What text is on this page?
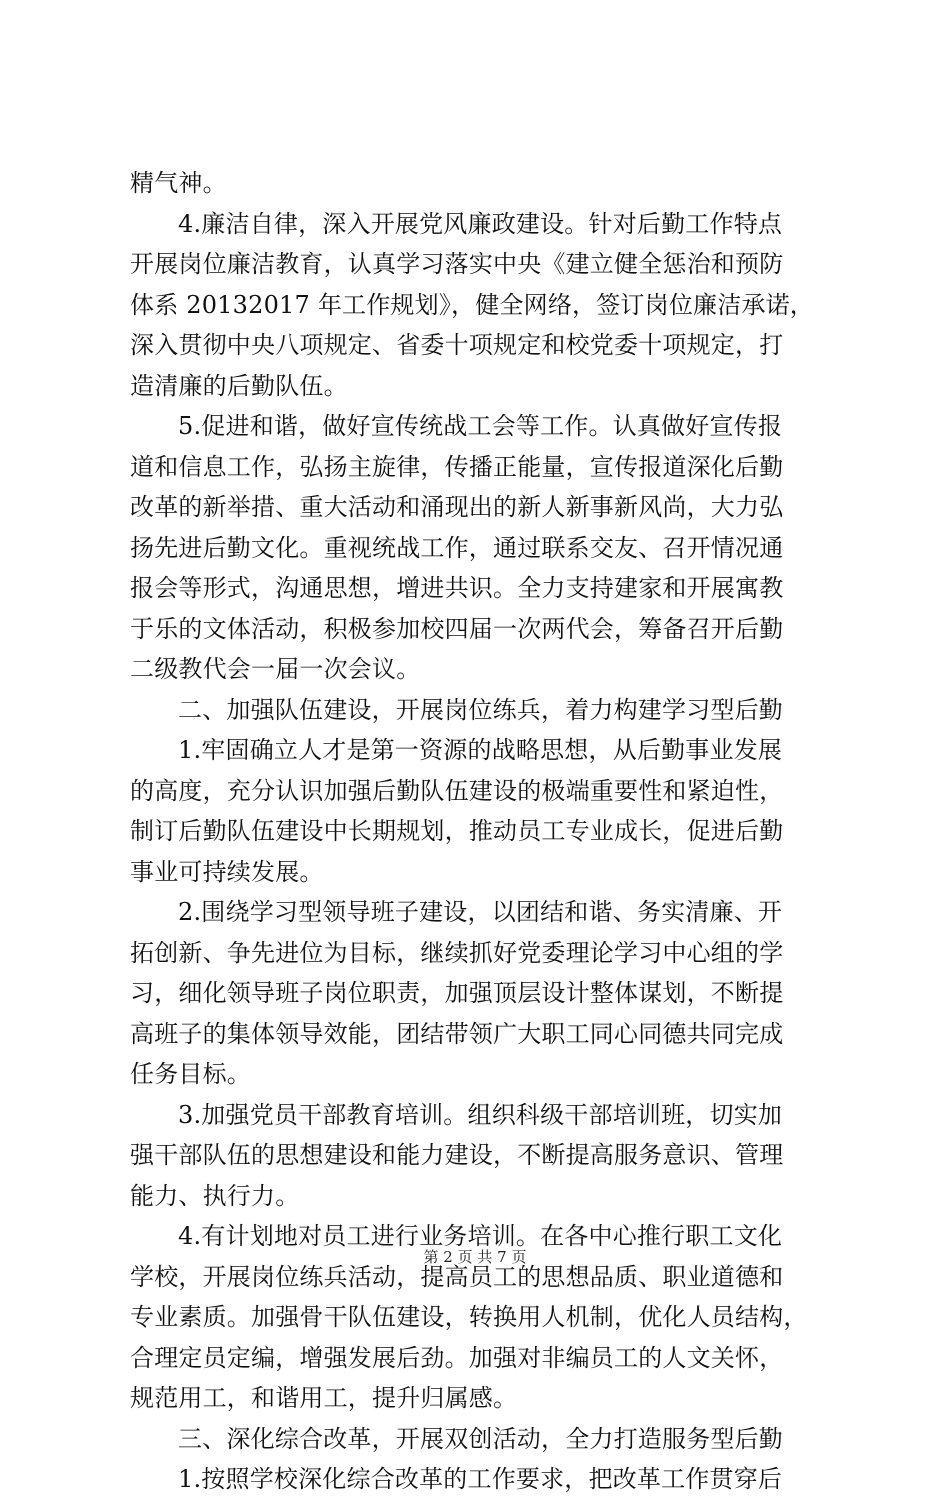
精气神。
4.廉洁自律，深入开展党风廉政建设。针对后勤工作特点
开展岗位廉洁教育，认真学习落实中央《建立健全惩治和预防
体系 20132017 年工作规划》，健全网络，签订岗位廉洁承诺，
深入贯彻中央八项规定、省委十项规定和校党委十项规定，打
造清廉的后勤队伍。
5.促进和谐，做好宣传统战工会等工作。认真做好宣传报
道和信息工作，弘扬主旋律，传播正能量，宣传报道深化后勤
改革的新举措、重大活动和涌现出的新人新事新风尚，大力弘
扬先进后勤文化。重视统战工作，通过联系交友、召开情况通
报会等形式，沟通思想，增进共识。全力支持建家和开展寓教
于乐的文体活动，积极参加校四届一次两代会，筹备召开后勤
二级教代会一届一次会议。
二、加强队伍建设，开展岗位练兵，着力构建学习型后勤
1.牢固确立人才是第一资源的战略思想，从后勤事业发展
的高度，充分认识加强后勤队伍建设的极端重要性和紧迫性，
制订后勤队伍建设中长期规划，推动员工专业成长，促进后勤
事业可持续发展。
2.围绕学习型领导班子建设，以团结和谐、务实清廉、开
拓创新、争先进位为目标，继续抓好党委理论学习中心组的学
习，细化领导班子岗位职责，加强顶层设计整体谋划，不断提
高班子的集体领导效能，团结带领广大职工同心同德共同完成
任务目标。
3.加强党员干部教育培训。组织科级干部培训班，切实加
强干部队伍的思想建设和能力建设，不断提高服务意识、管理
能力、执行力。
4.有计划地对员工进行业务培训。在各中心推行职工文化
学校，开展岗位练兵活动，提高员工的思想品质、职业道德和
专业素质。加强骨干队伍建设，转换用人机制，优化人员结构，
合理定员定编，增强发展后劲。加强对非编员工的人文关怀，
规范用工，和谐用工，提升归属感。
三、深化综合改革，开展双创活动，全力打造服务型后勤
1.按照学校深化综合改革的工作要求，把改革工作贯穿后
第 2 页 共 7 页
